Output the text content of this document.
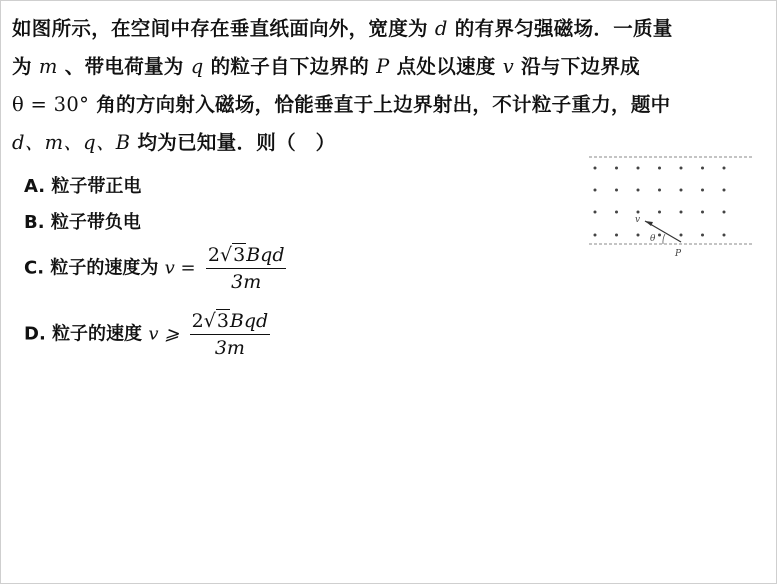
如图所示，在空间中存在垂直纸面向外，宽度为 d 的有界匀强磁场．一质量
为 m 、带电荷量为 q 的粒子自下边界的 P 点处以速度 v 沿与下边界成
θ = 30° 角的方向射入磁场，恰能垂直于上边界射出，不计粒子重力，题中
d、m、q、B 均为已知量．则（　）
A. 粒子带正电
B. 粒子带负电
C. 粒子的速度为 $v = \frac{\text{2√3Bqd}}{3m}$
D. 粒子的速度 v ⩾ $\frac{\text{2√3Bqd}}{3m}$
v
θ
P
